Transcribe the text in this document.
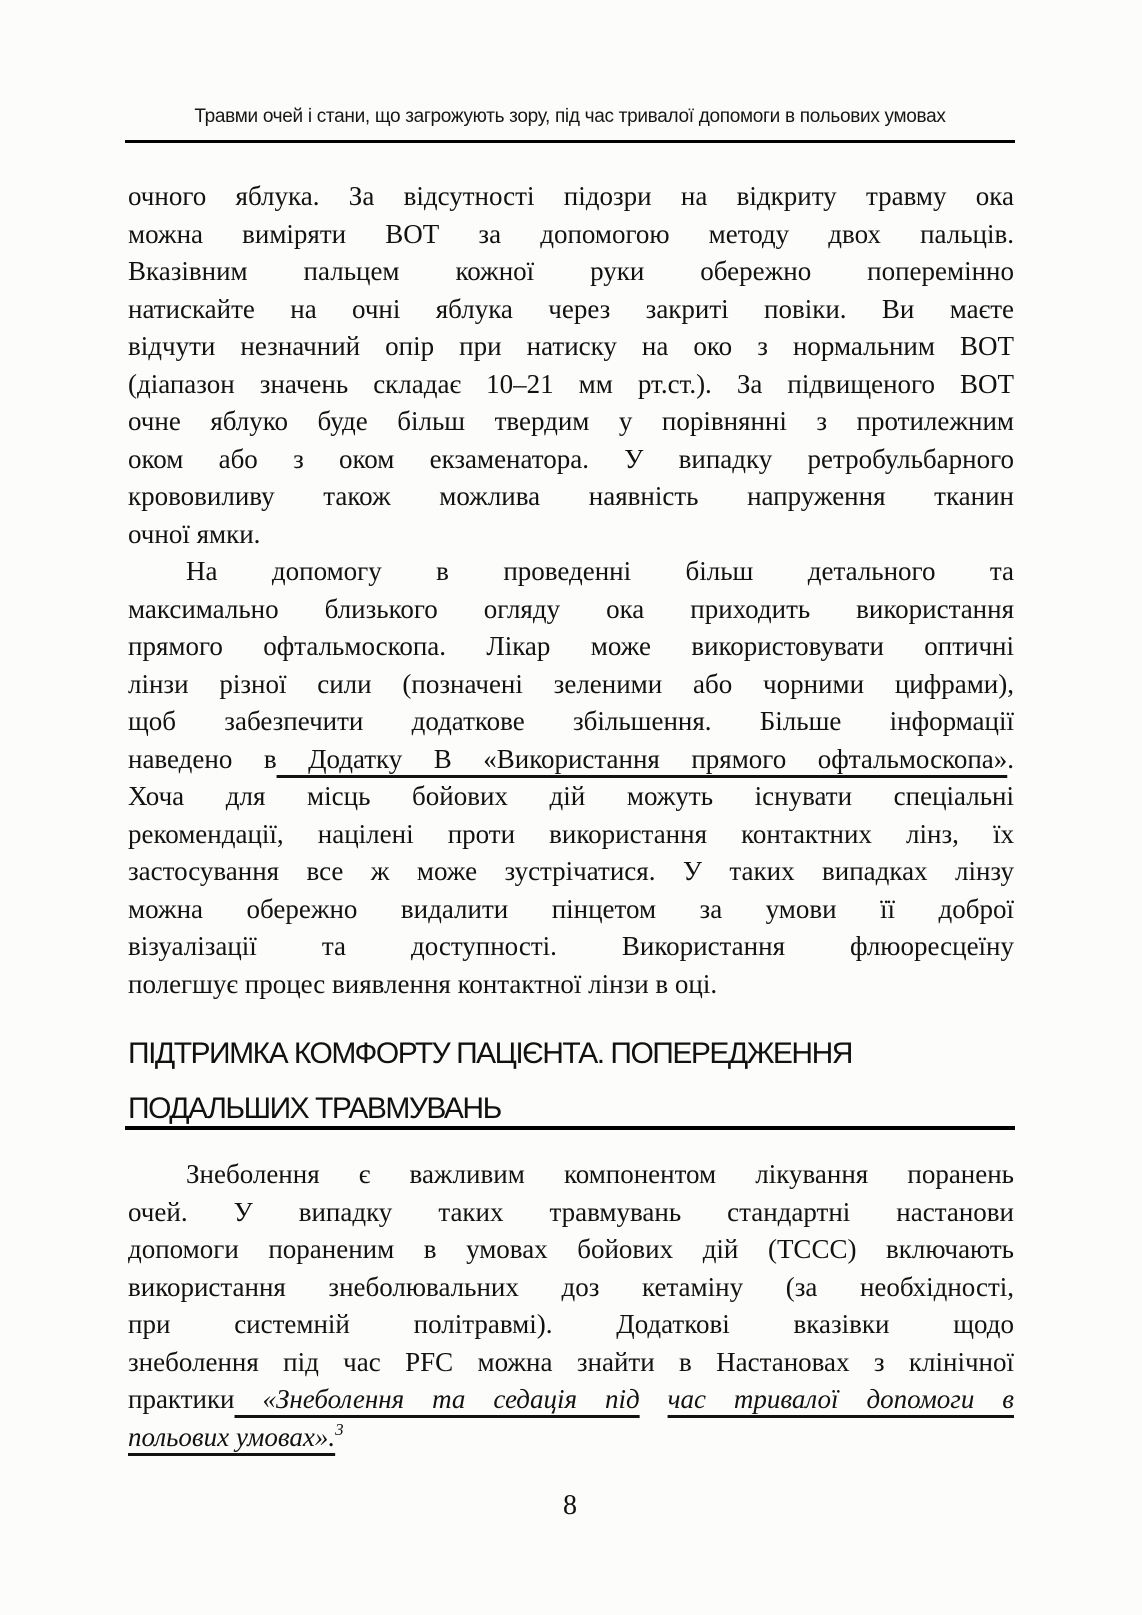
Травми очей і стани, що загрожують зору, під час тривалої допомоги в польових умовах
очного яблука. За відсутності підозри на відкриту травму ока
можна виміряти ВОТ за допомогою методу двох пальців.
Вказівним пальцем кожної руки обережно поперемінно
натискайте на очні яблука через закриті повіки. Ви маєте
відчути незначний опір при натиску на око з нормальним ВОТ
(діапазон значень складає 10–21 мм рт.ст.). За підвищеного ВОТ
очне яблуко буде більш твердим у порівнянні з протилежним
оком або з оком екзаменатора. У випадку ретробульбарного
крововиливу також можлива наявність напруження тканин
очної ямки.
На допомогу в проведенні більш детального та
максимально близького огляду ока приходить використання
прямого офтальмоскопа. Лікар може використовувати оптичні
лінзи різної сили (позначені зеленими або чорними цифрами),
щоб забезпечити додаткове збільшення. Більше інформації
наведено в Додатку В «Використання прямого офтальмоскопа».
Хоча для місць бойових дій можуть існувати спеціальні
рекомендації, націлені проти використання контактних лінз, їх
застосування все ж може зустрічатися. У таких випадках лінзу
можна обережно видалити пінцетом за умови її доброї
візуалізації та доступності. Використання флюоресцеїну
полегшує процес виявлення контактної лінзи в оці.
ПІДТРИМКА КОМФОРТУ ПАЦІЄНТА. ПОПЕРЕДЖЕННЯ
ПОДАЛЬШИХ ТРАВМУВАНЬ
Знеболення є важливим компонентом лікування поранень
очей. У випадку таких травмувань стандартні настанови
допомоги пораненим в умовах бойових дій (TCCC) включають
використання знеболювальних доз кетаміну (за необхідності,
при системній політравмі). Додаткові вказівки щодо
знеболення під час PFC можна знайти в Настановах з клінічної
практики «Знеболення та седація під час тривалої допомоги в
польових умовах».$^3$
8
